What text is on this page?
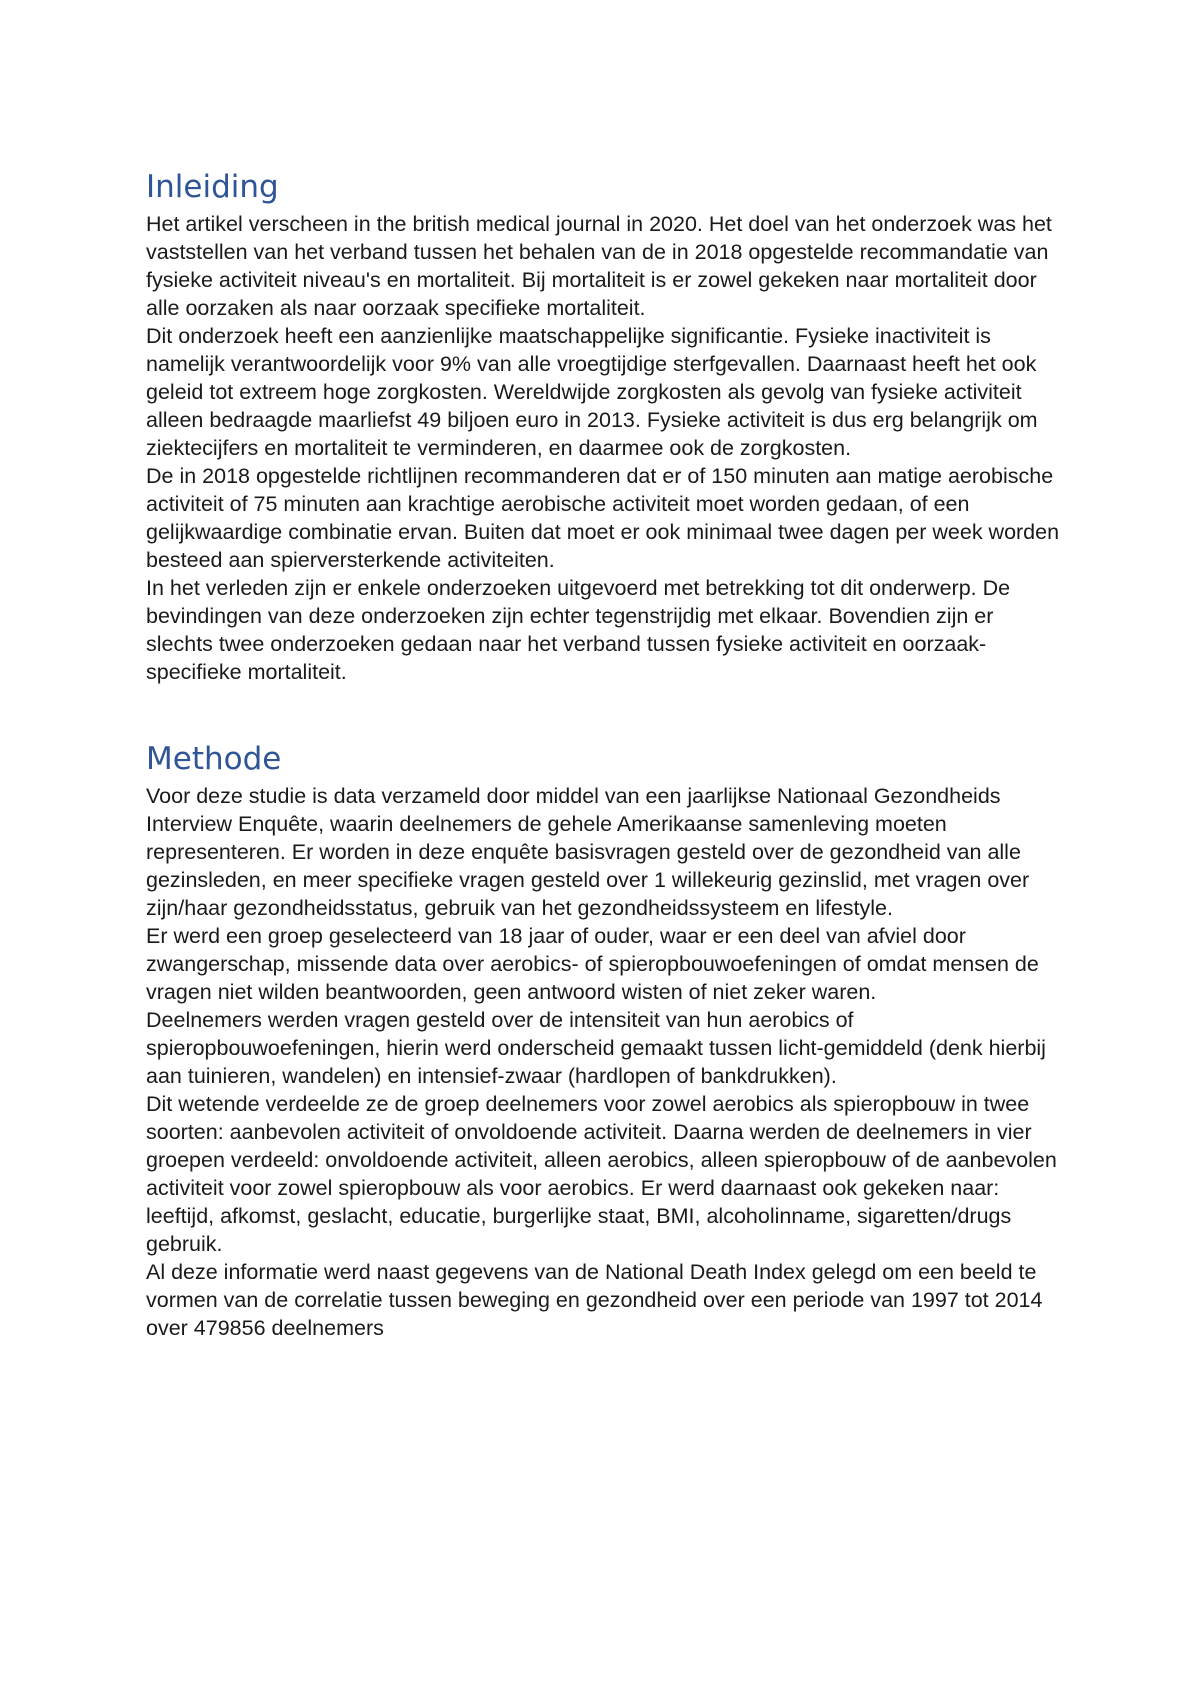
Inleiding

Het artikel verscheen in the british medical journal in 2020. Het doel van het onderzoek was het vaststellen van het verband tussen het behalen van de in 2018 opgestelde recommandatie van fysieke activiteit niveau's en mortaliteit. Bij mortaliteit is er zowel gekeken naar mortaliteit door alle oorzaken als naar oorzaak specifieke mortaliteit.

Dit onderzoek heeft een aanzienlijke maatschappelijke significantie. Fysieke inactiviteit is namelijk verantwoordelijk voor 9% van alle vroegtijdige sterfgevallen. Daarnaast heeft het ook geleid tot extreem hoge zorgkosten. Wereldwijde zorgkosten als gevolg van fysieke activiteit alleen bedraagde maarliefst 49 biljoen euro in 2013. Fysieke activiteit is dus erg belangrijk om ziektecijfers en mortaliteit te verminderen, en daarmee ook de zorgkosten.

De in 2018 opgestelde richtlijnen recommanderen dat er of 150 minuten aan matige aerobische activiteit of 75 minuten aan krachtige aerobische activiteit moet worden gedaan, of een gelijkwaardige combinatie ervan. Buiten dat moet er ook minimaal twee dagen per week worden besteed aan spierversterkende activiteiten.

In het verleden zijn er enkele onderzoeken uitgevoerd met betrekking tot dit onderwerp. De bevindingen van deze onderzoeken zijn echter tegenstrijdig met elkaar. Bovendien zijn er slechts twee onderzoeken gedaan naar het verband tussen fysieke activiteit en oorzaak-specifieke mortaliteit.

Methode

Voor deze studie is data verzameld door middel van een jaarlijkse Nationaal Gezondheids Interview Enquête, waarin deelnemers de gehele Amerikaanse samenleving moeten representeren. Er worden in deze enquête basisvragen gesteld over de gezondheid van alle gezinsleden, en meer specifieke vragen gesteld over 1 willekeurig gezinslid, met vragen over zijn/haar gezondheidsstatus, gebruik van het gezondheidssysteem en lifestyle.

Er werd een groep geselecteerd van 18 jaar of ouder, waar er een deel van afviel door zwangerschap, missende data over aerobics- of spieropbouwoefeningen of omdat mensen de vragen niet wilden beantwoorden, geen antwoord wisten of niet zeker waren.

Deelnemers werden vragen gesteld over de intensiteit van hun aerobics of spieropbouwoefeningen, hierin werd onderscheid gemaakt tussen licht-gemiddeld (denk hierbij aan tuinieren, wandelen) en intensief-zwaar (hardlopen of bankdrukken).

Dit wetende verdeelde ze de groep deelnemers voor zowel aerobics als spieropbouw in twee soorten: aanbevolen activiteit of onvoldoende activiteit. Daarna werden de deelnemers in vier groepen verdeeld: onvoldoende activiteit, alleen aerobics, alleen spieropbouw of de aanbevolen activiteit voor zowel spieropbouw als voor aerobics. Er werd daarnaast ook gekeken naar: leeftijd, afkomst, geslacht, educatie, burgerlijke staat, BMI, alcoholinname, sigaretten/drugs gebruik.

Al deze informatie werd naast gegevens van de National Death Index gelegd om een beeld te vormen van de correlatie tussen beweging en gezondheid over een periode van 1997 tot 2014 over 479856 deelnemers
